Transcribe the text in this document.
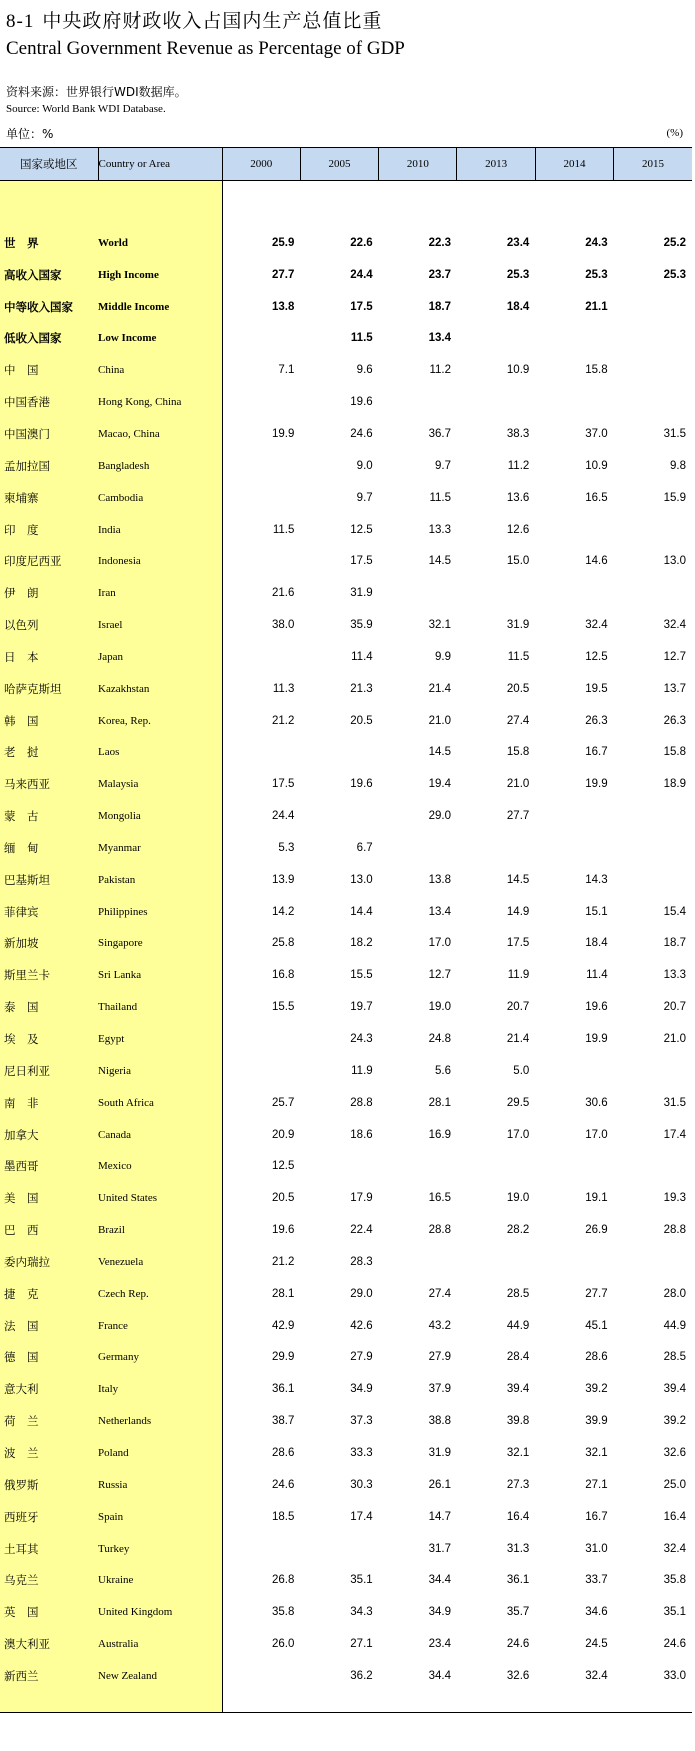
8-1 中央政府财政收入占国内生产总值比重
Central Government Revenue as Percentage of GDP
资料来源：世界银行WDI数据库。
Source: World Bank WDI Database.
单位：%	(%)
国家或地区	Country or Area	2000	2005	2010	2013	2014	2015

世　界	World	25.9	22.6	22.3	23.4	24.3	25.2
高收入国家	High Income	27.7	24.4	23.7	25.3	25.3	25.3
中等收入国家	Middle Income	13.8	17.5	18.7	18.4	21.1	
低收入国家	Low Income		11.5	13.4			
中　国	China	7.1	9.6	11.2	10.9	15.8	
中国香港	Hong Kong, China		19.6				
中国澳门	Macao, China	19.9	24.6	36.7	38.3	37.0	31.5
孟加拉国	Bangladesh		9.0	9.7	11.2	10.9	9.8
柬埔寨	Cambodia		9.7	11.5	13.6	16.5	15.9
印　度	India	11.5	12.5	13.3	12.6		
印度尼西亚	Indonesia		17.5	14.5	15.0	14.6	13.0
伊　朗	Iran	21.6	31.9				
以色列	Israel	38.0	35.9	32.1	31.9	32.4	32.4
日　本	Japan		11.4	9.9	11.5	12.5	12.7
哈萨克斯坦	Kazakhstan	11.3	21.3	21.4	20.5	19.5	13.7
韩　国	Korea, Rep.	21.2	20.5	21.0	27.4	26.3	26.3
老　挝	Laos			14.5	15.8	16.7	15.8
马来西亚	Malaysia	17.5	19.6	19.4	21.0	19.9	18.9
蒙　古	Mongolia	24.4		29.0	27.7		
缅　甸	Myanmar	5.3	6.7				
巴基斯坦	Pakistan	13.9	13.0	13.8	14.5	14.3	
菲律宾	Philippines	14.2	14.4	13.4	14.9	15.1	15.4
新加坡	Singapore	25.8	18.2	17.0	17.5	18.4	18.7
斯里兰卡	Sri Lanka	16.8	15.5	12.7	11.9	11.4	13.3
泰　国	Thailand	15.5	19.7	19.0	20.7	19.6	20.7
埃　及	Egypt		24.3	24.8	21.4	19.9	21.0
尼日利亚	Nigeria		11.9	5.6	5.0		
南　非	South Africa	25.7	28.8	28.1	29.5	30.6	31.5
加拿大	Canada	20.9	18.6	16.9	17.0	17.0	17.4
墨西哥	Mexico	12.5					
美　国	United States	20.5	17.9	16.5	19.0	19.1	19.3
巴　西	Brazil	19.6	22.4	28.8	28.2	26.9	28.8
委内瑞拉	Venezuela	21.2	28.3				
捷　克	Czech Rep.	28.1	29.0	27.4	28.5	27.7	28.0
法　国	France	42.9	42.6	43.2	44.9	45.1	44.9
德　国	Germany	29.9	27.9	27.9	28.4	28.6	28.5
意大利	Italy	36.1	34.9	37.9	39.4	39.2	39.4
荷　兰	Netherlands	38.7	37.3	38.8	39.8	39.9	39.2
波　兰	Poland	28.6	33.3	31.9	32.1	32.1	32.6
俄罗斯	Russia	24.6	30.3	26.1	27.3	27.1	25.0
西班牙	Spain	18.5	17.4	14.7	16.4	16.7	16.4
土耳其	Turkey			31.7	31.3	31.0	32.4
乌克兰	Ukraine	26.8	35.1	34.4	36.1	33.7	35.8
英　国	United Kingdom	35.8	34.3	34.9	35.7	34.6	35.1
澳大利亚	Australia	26.0	27.1	23.4	24.6	24.5	24.6
新西兰	New Zealand		36.2	34.4	32.6	32.4	33.0
